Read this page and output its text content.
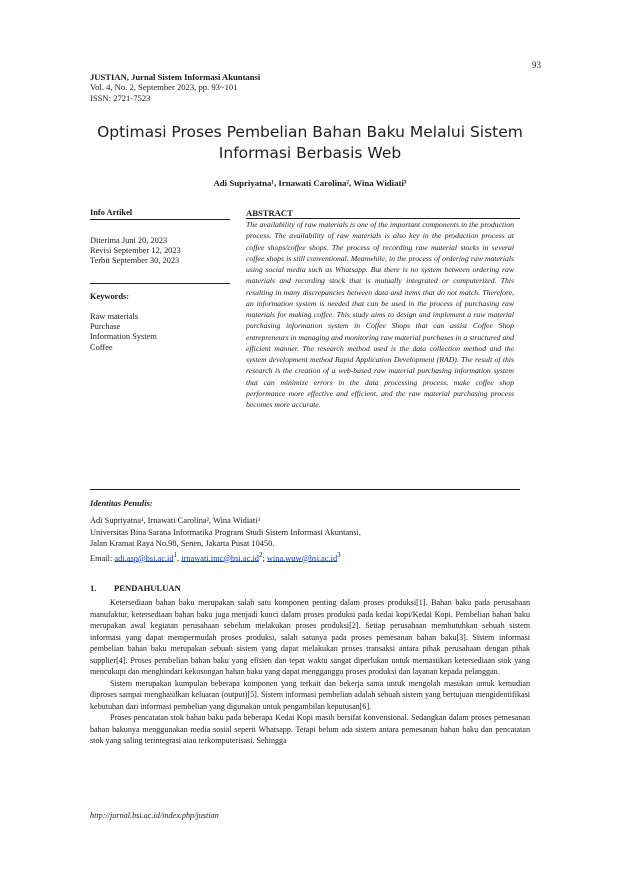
93
JUSTIAN, Jurnal Sistem Informasi Akuntansi
Vol. 4, No. 2, September 2023, pp. 93~101
ISSN: 2721-7523
Optimasi Proses Pembelian Bahan Baku Melalui Sistem Informasi Berbasis Web
Adi Supriyatna¹, Irnawati Carolina², Wina Widiati³
Info Artikel
Diterima Juni 20, 2023
Revisi September 12, 2023
Terbit September 30, 2023
Keywords:
Raw materials
Purchase
Information System
Coffee
ABSTRACT
The availability of raw materials is one of the important components in the production process. The availability of raw materials is also key in the production process at coffee shops/coffee shops. The process of recording raw material stocks in several coffee shops is still conventional. Meanwhile, in the process of ordering raw materials using social media such as Whatsapp. But there is no system between ordering raw materials and recording stock that is mutually integrated or computerized. This resulting in many discrepancies between data and items that do not match. Therefore, an information system is needed that can be used in the process of purchasing raw materials for making coffee. This study aims to design and implement a raw material purchasing information system in Coffee Shops that can assist Coffee Shop entrepreneurs in managing and monitoring raw material purchases in a structured and efficient manner. The research method used is the data collection method and the system development method Rapid Application Development (RAD). The result of this research is the creation of a web-based raw material purchasing information system that can minimize errors in the data processing process, make coffee shop performance more effective and efficient, and the raw material purchasing process becomes more accurate.
Identitas Penulis:
Adi Supriyatna¹, Irnawati Carolina², Wina Widiati³
Universitas Bina Sarana Informatika Program Studi Sistem Informasi Akuntansi,
Jalan Kramat Raya No.98, Senen, Jakarta Pusat 10450.
Email: $adi.asp@bsi.ac.id^1$, $irnawati.imc@bsi.ac.id^2$; $wina.wuw@bsi.ac.id^3$
1. PENDAHULUAN

Ketersediaan bahan baku merupakan salah satu komponen penting dalam proses produksi[1]. Bahan baku pada perusahaan manufaktur, ketersediaan bahan baku juga menjadi kunci dalam proses produksi pada kedai kopi/Kedai Kopi. Pembelian bahan baku merupakan awal kegiatan perusahaan sebelum melakukan proses produksi[2]. Setiap perusahaan membutuhkan sebuah sistem informasi yang dapat mempermudah proses produksi, salah satunya pada proses pemesanan bahan baku[3]. Sistem informasi pembelian bahan baku merupakan sebuah sistem yang dapat melakukan proses transaksi antara pihak perusahaan dengan pihak supplier[4]. Proses pembelian bahan baku yang efisien dan tepat waktu sangat diperlukan untuk memastikan ketersediaan stok yang mencukupi dan menghindari kekosongan bahan baku yang dapat mengganggu proses produksi dan layanan kepada pelanggan.

Sistem merupakan kumpulan beberapa komponen yang terkait dan bekerja sama untuk mengolah masukan untuk kemudian diproses sampai menghasilkan keluaran (output)[5]. Sistem informasi pembelian adalah sebuah sistem yang bertujuan mengidentifikasi kebutuhan dari informasi pembelian yang digunakan untuk pengambilan keputusan[6].

Proses pencatatan stok bahan baku pada beberapa Kedai Kopi masih bersifat konvensional. Sedangkan dalam proses pemesanan bahan bakunya menggunakan media sosial seperti Whatsapp. Tetapi belum ada sistem antara pemesanan bahan baku dan pencatatan stok yang saling terintegrasi atau terkomputerisasi. Sehingga

http://jurnal.bsi.ac.id/index.php/justian
